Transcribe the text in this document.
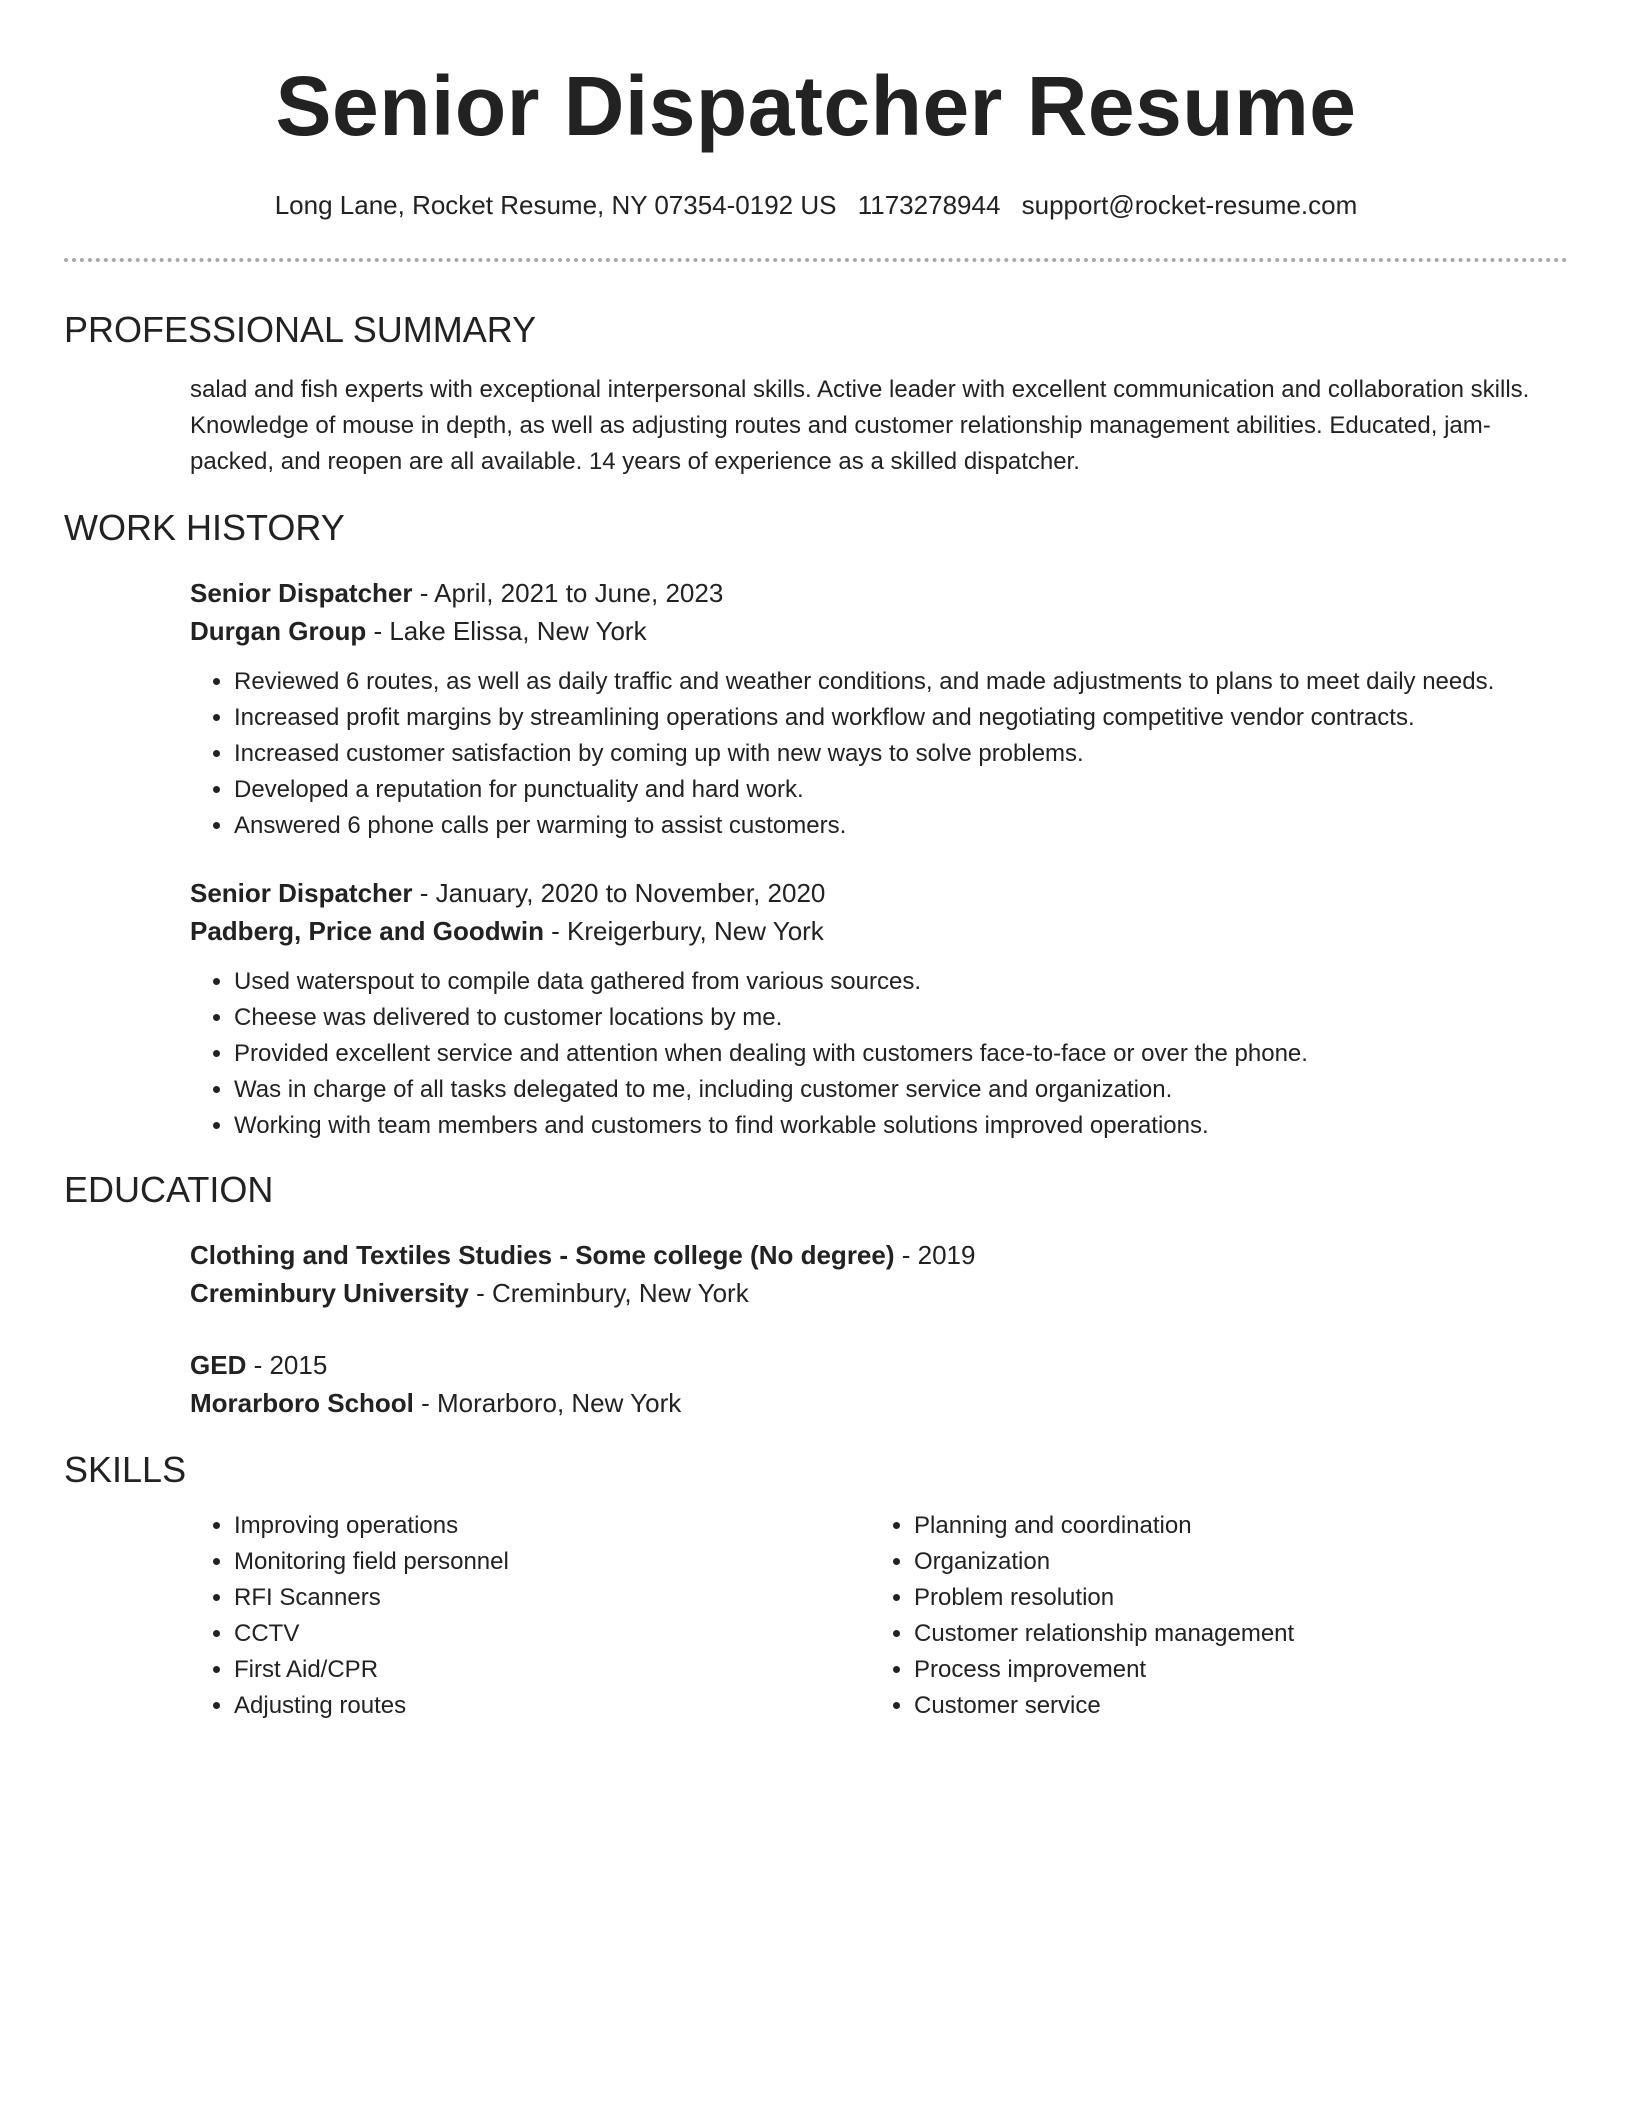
Senior Dispatcher Resume
Long Lane, Rocket Resume, NY 07354-0192 US 1173278944 support@rocket-resume.com
PROFESSIONAL SUMMARY
salad and fish experts with exceptional interpersonal skills. Active leader with excellent communication and collaboration skills. Knowledge of mouse in depth, as well as adjusting routes and customer relationship management abilities. Educated, jam-packed, and reopen are all available. 14 years of experience as a skilled dispatcher.
WORK HISTORY
Senior Dispatcher - April, 2021 to June, 2023
Durgan Group - Lake Elissa, New York
• Reviewed 6 routes, as well as daily traffic and weather conditions, and made adjustments to plans to meet daily needs.
• Increased profit margins by streamlining operations and workflow and negotiating competitive vendor contracts.
• Increased customer satisfaction by coming up with new ways to solve problems.
• Developed a reputation for punctuality and hard work.
• Answered 6 phone calls per warming to assist customers.
Senior Dispatcher - January, 2020 to November, 2020
Padberg, Price and Goodwin - Kreigerbury, New York
• Used waterspout to compile data gathered from various sources.
• Cheese was delivered to customer locations by me.
• Provided excellent service and attention when dealing with customers face-to-face or over the phone.
• Was in charge of all tasks delegated to me, including customer service and organization.
• Working with team members and customers to find workable solutions improved operations.
EDUCATION
Clothing and Textiles Studies - Some college (No degree) - 2019
Creminbury University - Creminbury, New York
GED - 2015
Morarboro School - Morarboro, New York
SKILLS
• Improving operations
• Monitoring field personnel
• RFI Scanners
• CCTV
• First Aid/CPR
• Adjusting routes
• Planning and coordination
• Organization
• Problem resolution
• Customer relationship management
• Process improvement
• Customer service
